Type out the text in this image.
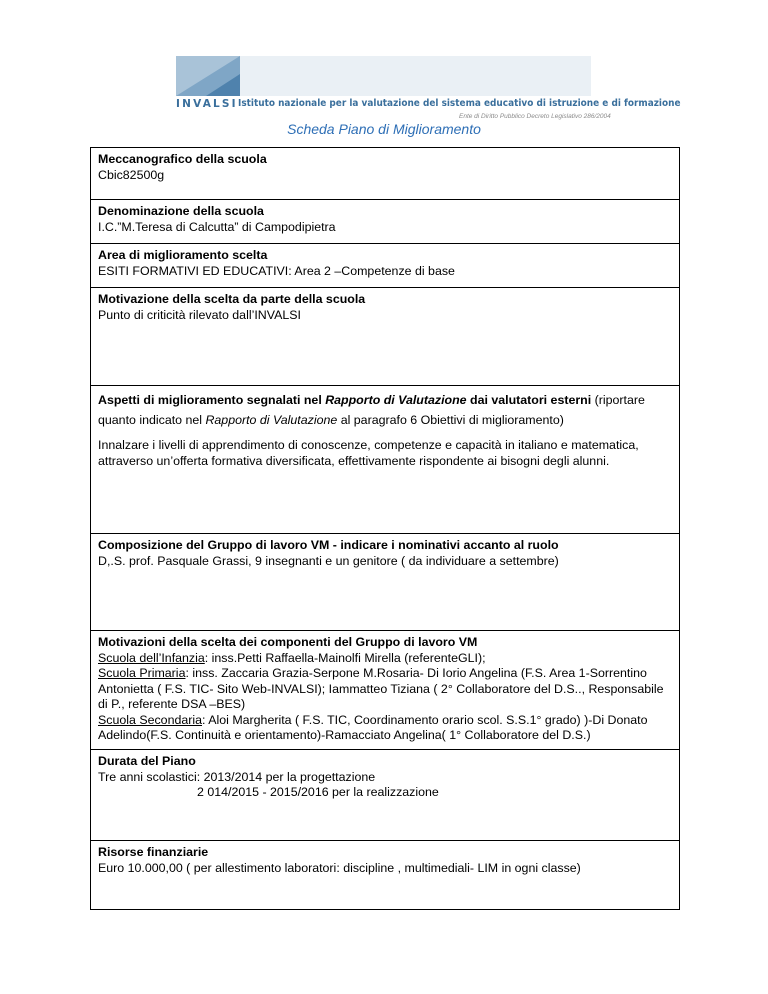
INVALSI Istituto nazionale per la valutazione del sistema educativo di istruzione e di formazione
Ente di Diritto Pubblico Decreto Legislativo 286/2004
Scheda Piano di Miglioramento
Meccanografico della scuola
Cbic82500g

Denominazione della scuola
I.C.”M.Teresa di Calcutta” di Campodipietra

Area di miglioramento scelta
ESITI FORMATIVI ED EDUCATIVI: Area 2 –Competenze di base

Motivazione della scelta da parte della scuola
Punto di criticità rilevato dall’INVALSI

Aspetti di miglioramento segnalati nel Rapporto di Valutazione dai valutatori esterni (riportare quanto indicato nel Rapporto di Valutazione al paragrafo 6 Obiettivi di miglioramento)
Innalzare i livelli di apprendimento di conoscenze, competenze e capacità in italiano e matematica, attraverso un’offerta formativa diversificata, effettivamente rispondente ai bisogni degli alunni.

Composizione del Gruppo di lavoro VM - indicare i nominativi accanto al ruolo
D,.S. prof. Pasquale Grassi, 9 insegnanti e un genitore ( da individuare a settembre)

Motivazioni della scelta dei componenti del Gruppo di lavoro VM
Scuola dell’Infanzia: inss.Petti Raffaella-Mainolfi Mirella (referenteGLI);
Scuola Primaria: inss. Zaccaria Grazia-Serpone M.Rosaria- Di Iorio Angelina (F.S. Area 1-Sorrentino Antonietta ( F.S. TIC- Sito Web-INVALSI); Iammatteo Tiziana ( 2° Collaboratore del D.S.., Responsabile di P., referente DSA –BES)
Scuola Secondaria: Aloi Margherita ( F.S. TIC, Coordinamento orario scol. S.S.1° grado) )-Di Donato Adelindo(F.S. Continuità e orientamento)-Ramacciato Angelina( 1° Collaboratore del D.S.)

Durata del Piano
Tre anni scolastici: 2013/2014 per la progettazione
2 014/2015 - 2015/2016 per la realizzazione

Risorse finanziarie
Euro 10.000,00 ( per allestimento laboratori: discipline , multimediali- LIM in ogni classe)
